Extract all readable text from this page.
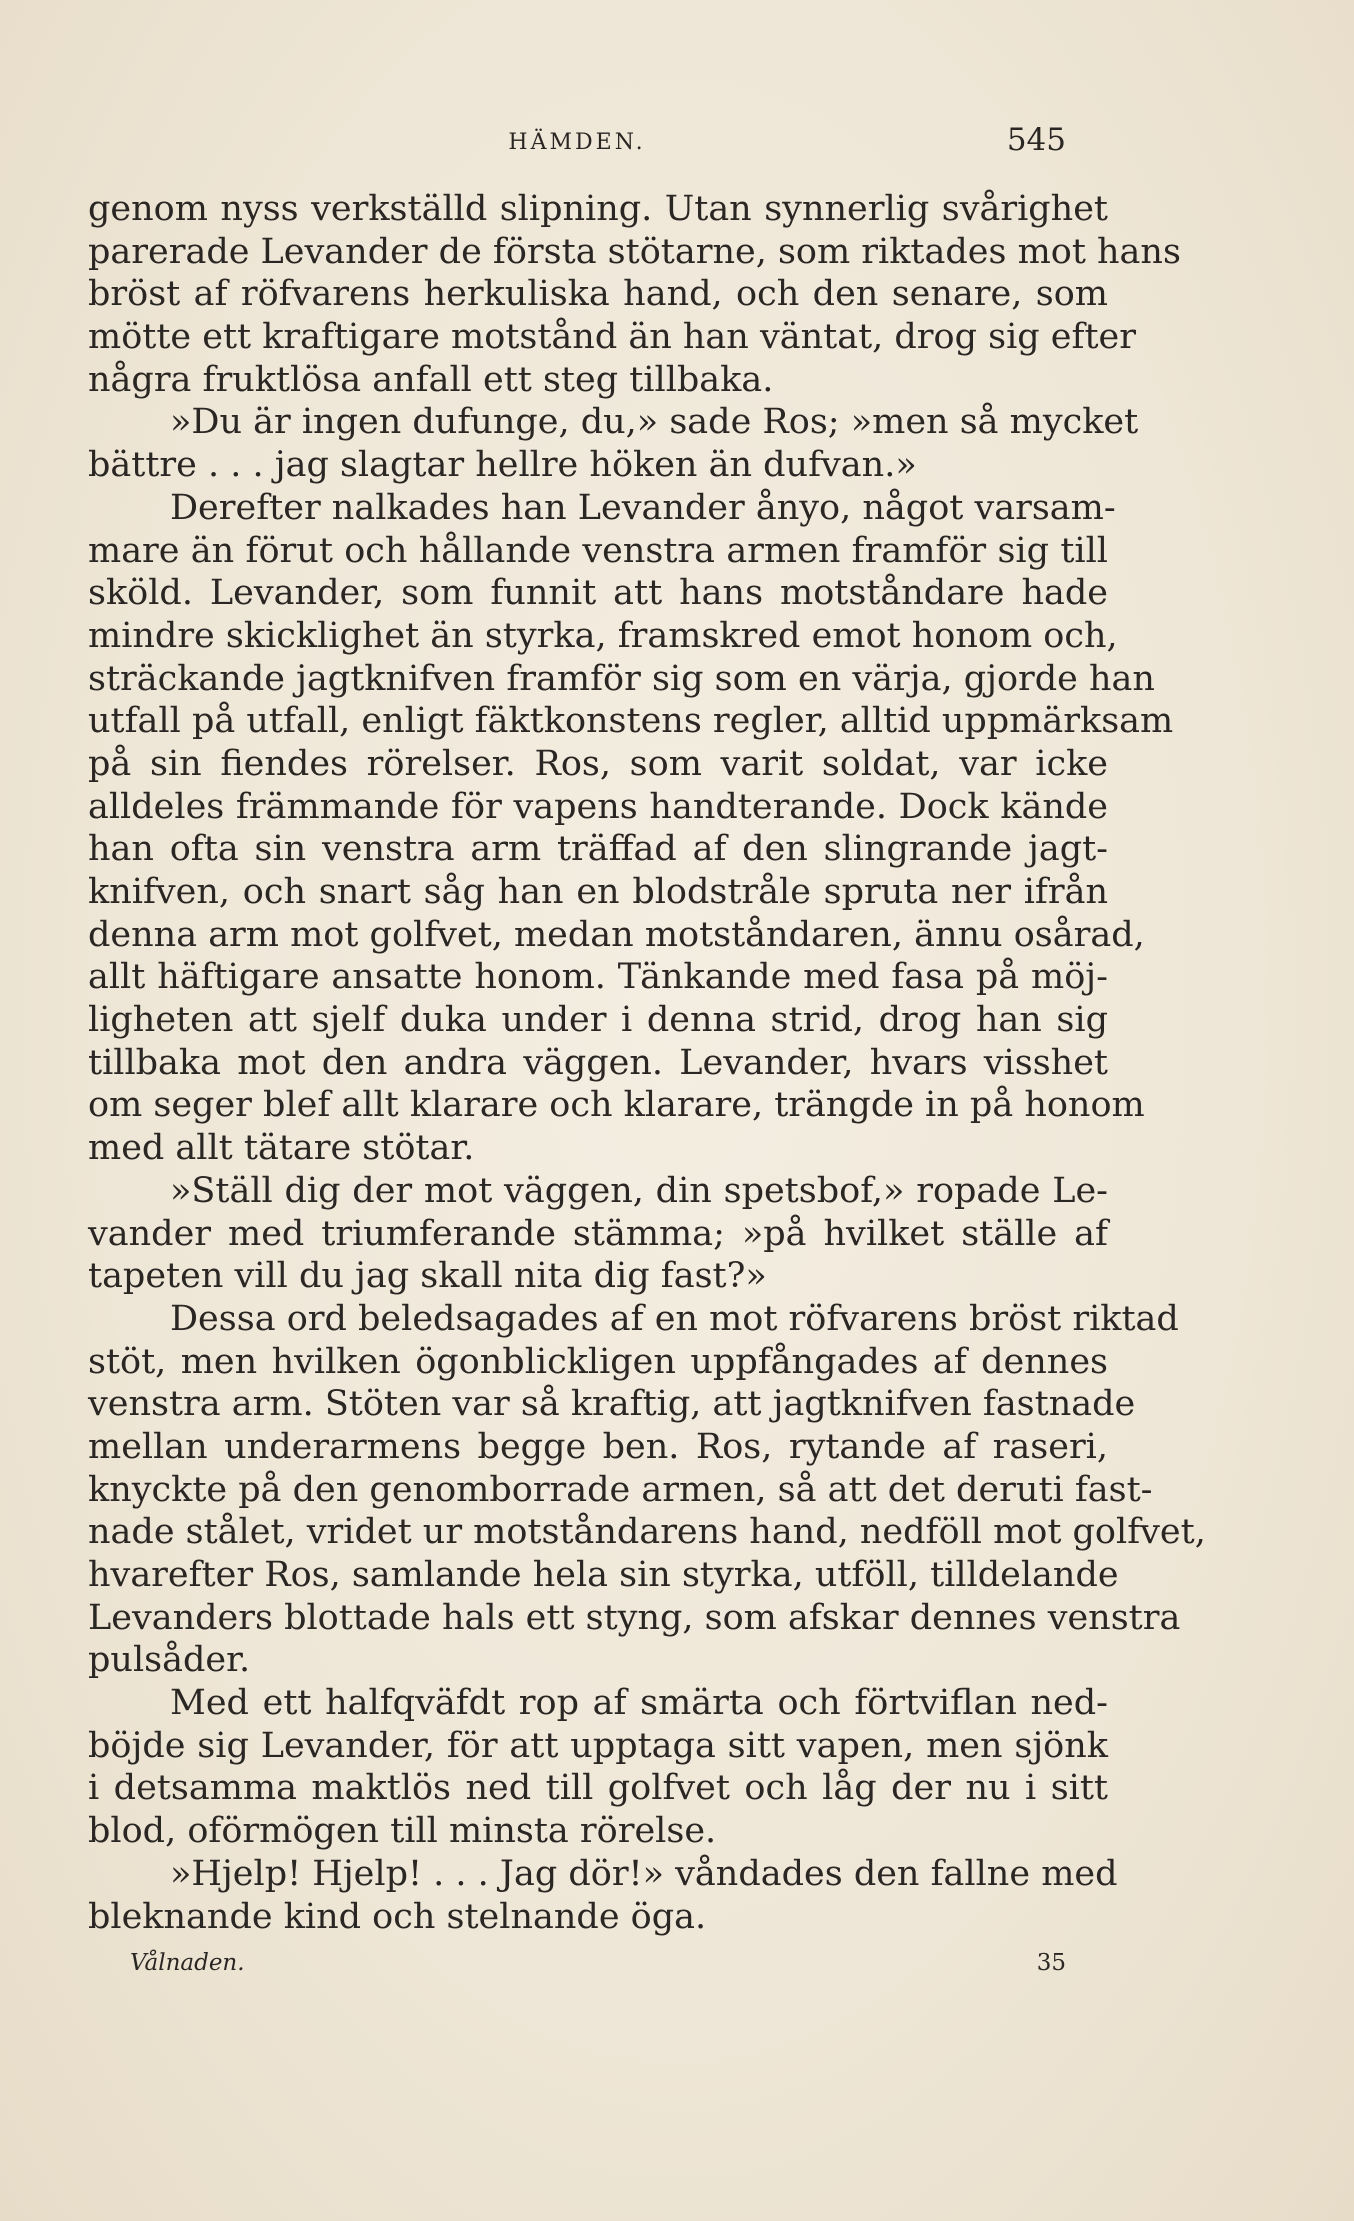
HÄMDEN.	545
genom nyss verkställd slipning. Utan synnerlig svårighet
parerade Levander de första stötarne, som riktades mot hans
bröst af röfvarens herkuliska hand, och den senare, som
mötte ett kraftigare motstånd än han väntat, drog sig efter
några fruktlösa anfall ett steg tillbaka.
»Du är ingen dufunge, du,» sade Ros; »men så mycket
bättre . . . jag slagtar hellre höken än dufvan.»
Derefter nalkades han Levander ånyo, något varsam-
mare än förut och hållande venstra armen framför sig till
sköld. Levander, som funnit att hans motståndare hade
mindre skicklighet än styrka, framskred emot honom och,
sträckande jagtknifven framför sig som en värja, gjorde han
utfall på utfall, enligt fäktkonstens regler, alltid uppmärksam
på sin fiendes rörelser. Ros, som varit soldat, var icke
alldeles främmande för vapens handterande. Dock kände
han ofta sin venstra arm träffad af den slingrande jagt-
knifven, och snart såg han en blodstråle spruta ner ifrån
denna arm mot golfvet, medan motståndaren, ännu osårad,
allt häftigare ansatte honom. Tänkande med fasa på möj-
ligheten att sjelf duka under i denna strid, drog han sig
tillbaka mot den andra väggen. Levander, hvars visshet
om seger blef allt klarare och klarare, trängde in på honom
med allt tätare stötar.
»Ställ dig der mot väggen, din spetsbof,» ropade Le-
vander med triumferande stämma; »på hvilket ställe af
tapeten vill du jag skall nita dig fast?»
Dessa ord beledsagades af en mot röfvarens bröst riktad
stöt, men hvilken ögonblickligen uppfångades af dennes
venstra arm. Stöten var så kraftig, att jagtknifven fastnade
mellan underarmens begge ben. Ros, rytande af raseri,
knyckte på den genomborrade armen, så att det deruti fast-
nade stålet, vridet ur motståndarens hand, nedföll mot golfvet,
hvarefter Ros, samlande hela sin styrka, utföll, tilldelande
Levanders blottade hals ett styng, som afskar dennes venstra
pulsåder.
Med ett halfqväfdt rop af smärta och förtviflan ned-
böjde sig Levander, för att upptaga sitt vapen, men sjönk
i detsamma maktlös ned till golfvet och låg der nu i sitt
blod, oförmögen till minsta rörelse.
»Hjelp! Hjelp! . . . Jag dör!» våndades den fallne med
bleknande kind och stelnande öga.
Vålnaden.	35
